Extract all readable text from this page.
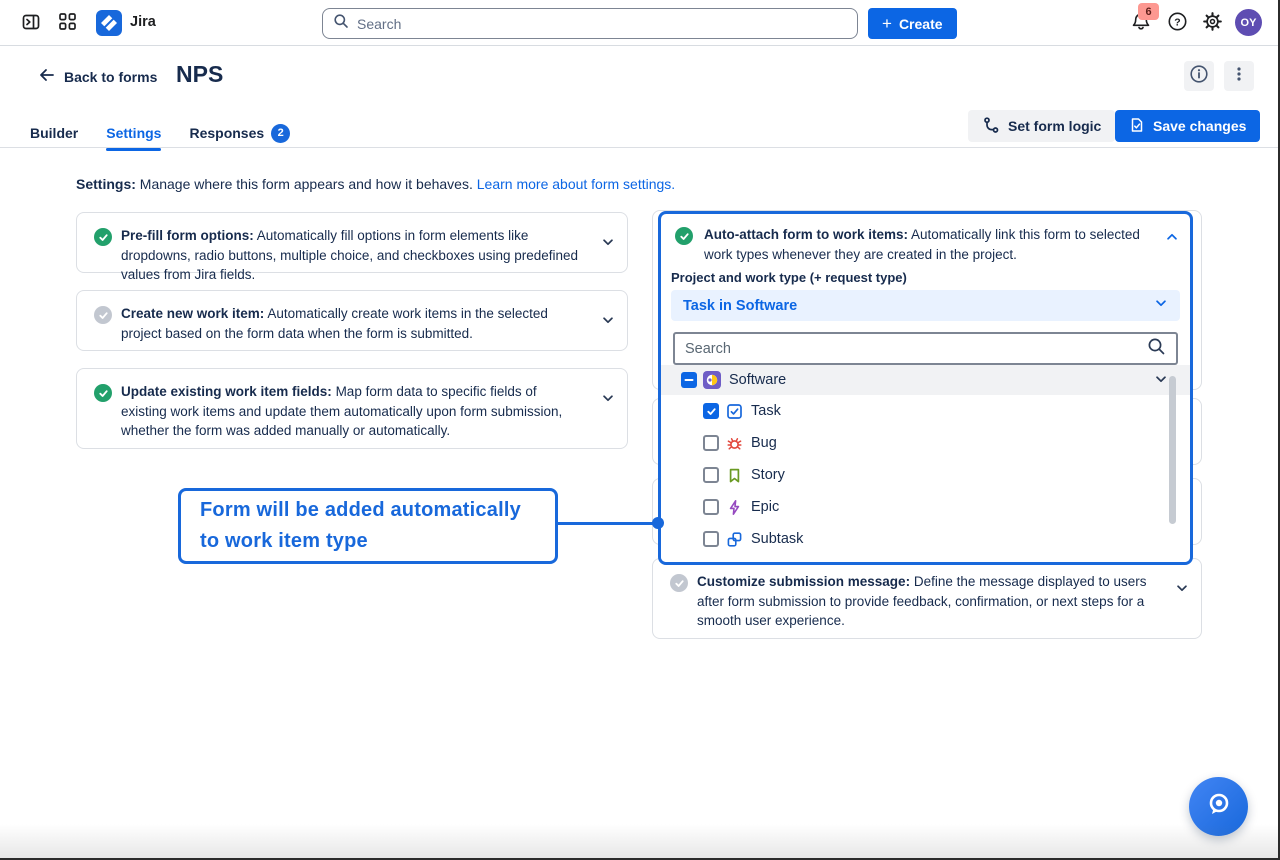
Jira
Search	+ Create
6
?	OY
Back to forms NPS
Builder Settings Responses	2	Set form logic	Save changes
Settings: Manage where this form appears and how it behaves. Learn more about form settings.
Pre-fill form options: Automatically fill options in form elements like dropdowns, radio buttons, multiple choice, and checkboxes using predefined values from Jira fields.
Create new work item: Automatically create work items in the selected project based on the form data when the form is submitted.
Update existing work item fields: Map form data to specific fields of existing work items and update them automatically upon form submission, whether the form was added manually or automatically.
Customize submission message: Define the message displayed to users after form submission to provide feedback, confirmation, or next steps for a smooth user experience.
Auto-attach form to work items: Automatically link this form to selected work types whenever they are created in the project.
Project and work type (+ request type)
Task in Software
Search
Software
Task
Bug
Story
Epic
Subtask
Form will be added automatically
to work item type
